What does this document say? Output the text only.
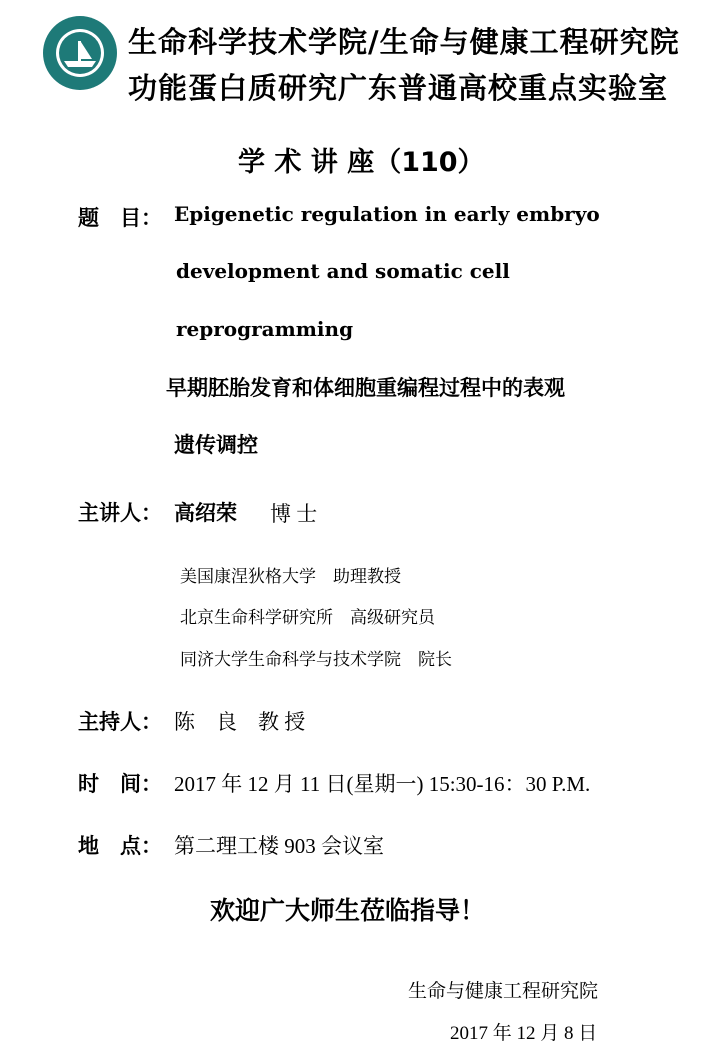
生命科学技术学院/生命与健康工程研究院
功能蛋白质研究广东普通高校重点实验室
学 术 讲 座（110）
题　目： Epigenetic regulation in early embryo
development and somatic cell
reprogramming
早期胚胎发育和体细胞重编程过程中的表观
遗传调控
主讲人： 高绍荣 博 士
美国康涅狄格大学　助理教授
北京生命科学研究所　高级研究员
同济大学生命科学与技术学院　院长
主持人： 陈　良　教 授
时　间： 2017 年 12 月 11 日(星期一) 15:30-16：30 P.M.
地　点： 第二理工楼 903 会议室
欢迎广大师生莅临指导！
生命与健康工程研究院
2017 年 12 月 8 日
